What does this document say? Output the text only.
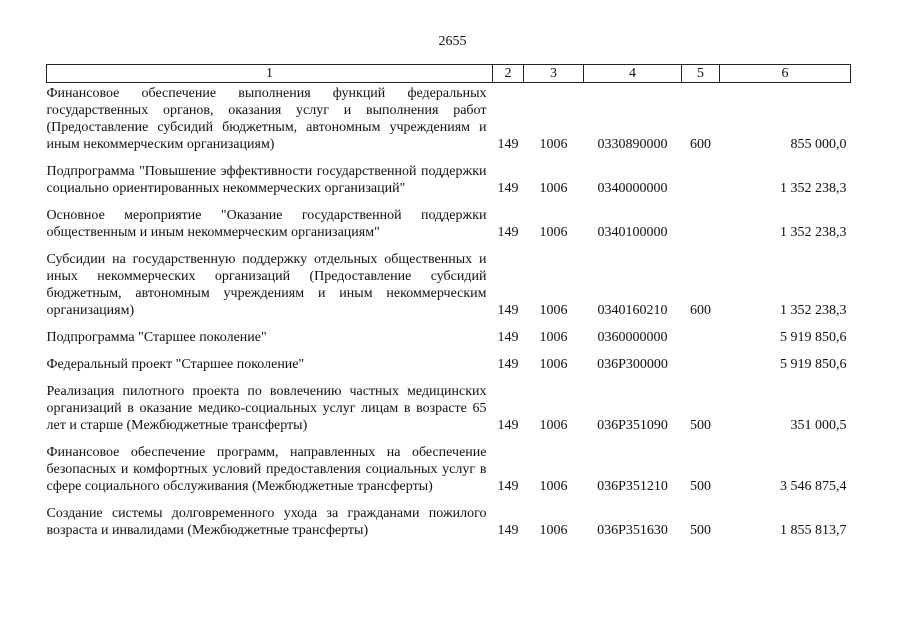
2655
1	2	3	4	5	6
Финансовое обеспечение выполнения функций федеральных государственных органов, оказания услуг и выполнения работ (Предоставление субсидий бюджетным, автономным учреждениям и иным некоммерческим организациям)	149	1006	0330890000	600	855 000,0
Подпрограмма "Повышение эффективности государственной поддержки социально ориентированных некоммерческих организаций"	149	1006	0340000000		1 352 238,3
Основное мероприятие "Оказание государственной поддержки общественным и иным некоммерческим организациям"	149	1006	0340100000		1 352 238,3
Субсидии на государственную поддержку отдельных общественных и иных некоммерческих организаций (Предоставление субсидий бюджетным, автономным учреждениям и иным некоммерческим организациям)	149	1006	0340160210	600	1 352 238,3
Подпрограмма "Старшее поколение"	149	1006	0360000000		5 919 850,6
Федеральный проект "Старшее поколение"	149	1006	036P300000		5 919 850,6
Реализация пилотного проекта по вовлечению частных медицинских организаций в оказание медико-социальных услуг лицам в возрасте 65 лет и старше (Межбюджетные трансферты)	149	1006	036P351090	500	351 000,5
Финансовое обеспечение программ, направленных на обеспечение безопасных и комфортных условий предоставления социальных услуг в сфере социального обслуживания (Межбюджетные трансферты)	149	1006	036P351210	500	3 546 875,4
Создание системы долговременного ухода за гражданами пожилого возраста и инвалидами (Межбюджетные трансферты)	149	1006	036P351630	500	1 855 813,7
